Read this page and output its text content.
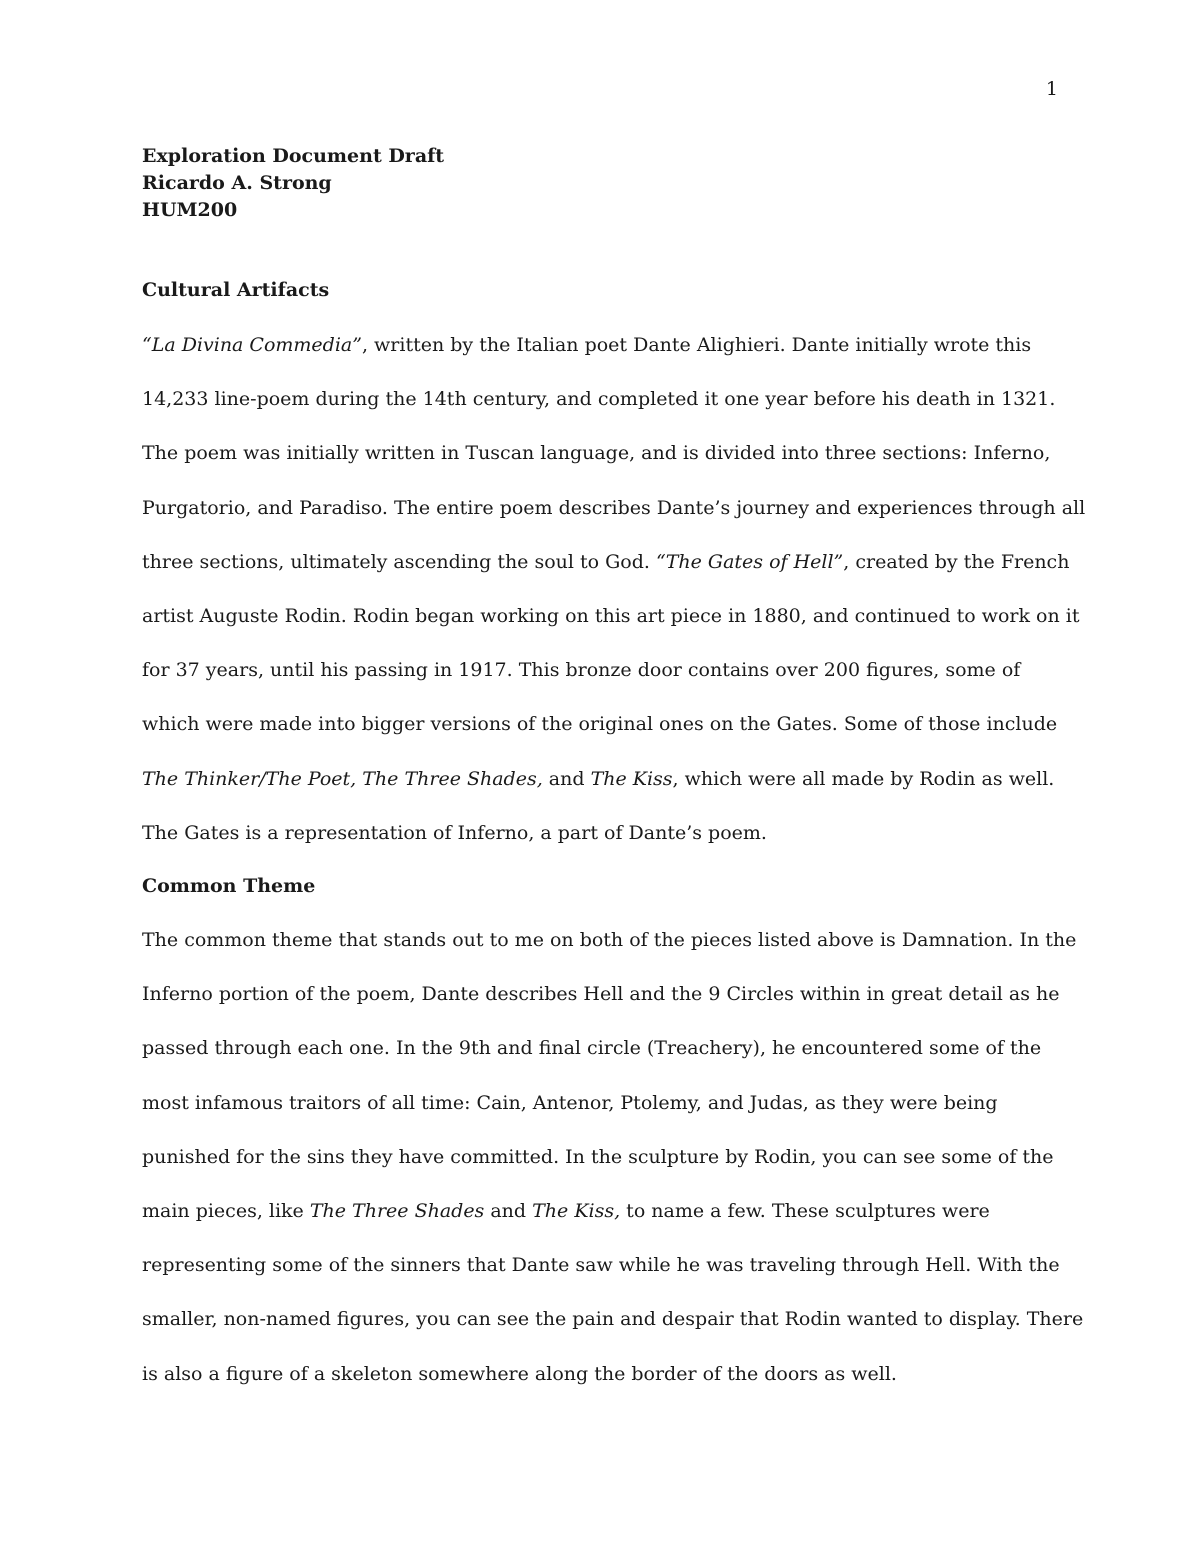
1
Exploration Document Draft
Ricardo A. Strong
HUM200
Cultural Artifacts
“La Divina Commedia”, written by the Italian poet Dante Alighieri. Dante initially wrote this
14,233 line-poem during the 14th century, and completed it one year before his death in 1321.
The poem was initially written in Tuscan language, and is divided into three sections: Inferno,
Purgatorio, and Paradiso. The entire poem describes Dante’s journey and experiences through all
three sections, ultimately ascending the soul to God. “The Gates of Hell”, created by the French
artist Auguste Rodin. Rodin began working on this art piece in 1880, and continued to work on it
for 37 years, until his passing in 1917. This bronze door contains over 200 figures, some of
which were made into bigger versions of the original ones on the Gates. Some of those include
The Thinker/The Poet, The Three Shades, and The Kiss, which were all made by Rodin as well.
The Gates is a representation of Inferno, a part of Dante’s poem.
Common Theme
The common theme that stands out to me on both of the pieces listed above is Damnation. In the
Inferno portion of the poem, Dante describes Hell and the 9 Circles within in great detail as he
passed through each one. In the 9th and final circle (Treachery), he encountered some of the
most infamous traitors of all time: Cain, Antenor, Ptolemy, and Judas, as they were being
punished for the sins they have committed. In the sculpture by Rodin, you can see some of the
main pieces, like The Three Shades and The Kiss, to name a few. These sculptures were
representing some of the sinners that Dante saw while he was traveling through Hell. With the
smaller, non-named figures, you can see the pain and despair that Rodin wanted to display. There
is also a figure of a skeleton somewhere along the border of the doors as well.
